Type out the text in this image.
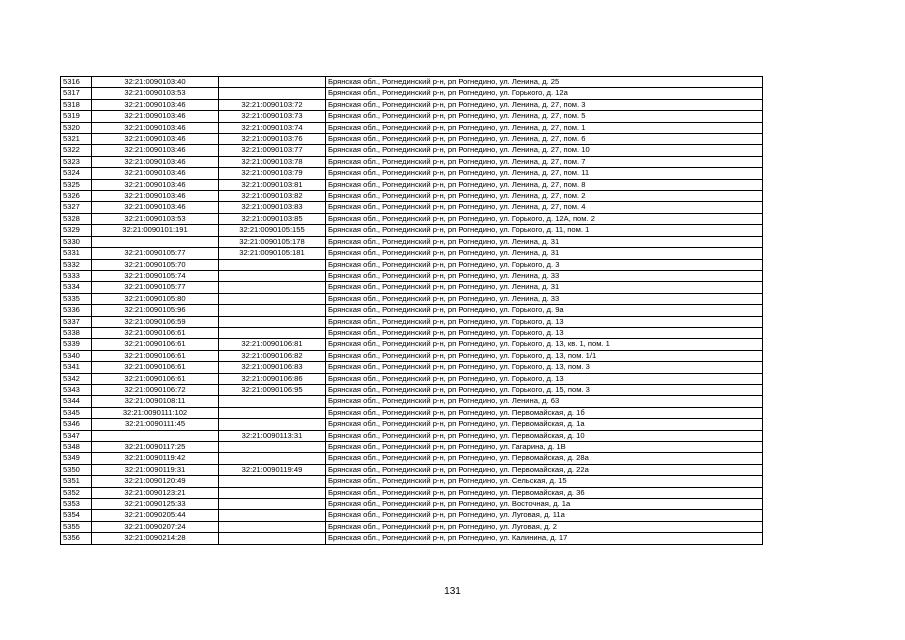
5316	32:21:0090103:40		Брянская обл., Рогнединский р-н, рп Рогнедино, ул. Ленина, д. 25
5317	32:21:0090103:53		Брянская обл., Рогнединский р-н, рп Рогнедино, ул. Горького, д. 12а
5318	32:21:0090103:46	32:21:0090103:72	Брянская обл., Рогнединский р-н, рп Рогнедино, ул. Ленина, д. 27, пом. 3
5319	32:21:0090103:46	32:21:0090103:73	Брянская обл., Рогнединский р-н, рп Рогнедино, ул. Ленина, д. 27, пом. 5
5320	32:21:0090103:46	32:21:0090103:74	Брянская обл., Рогнединский р-н, рп Рогнедино, ул. Ленина, д. 27, пом. 1
5321	32:21:0090103:46	32:21:0090103:76	Брянская обл., Рогнединский р-н, рп Рогнедино, ул. Ленина, д. 27, пом. 6
5322	32:21:0090103:46	32:21:0090103:77	Брянская обл., Рогнединский р-н, рп Рогнедино, ул. Ленина, д. 27, пом. 10
5323	32:21:0090103:46	32:21:0090103:78	Брянская обл., Рогнединский р-н, рп Рогнедино, ул. Ленина, д. 27, пом. 7
5324	32:21:0090103:46	32:21:0090103:79	Брянская обл., Рогнединский р-н, рп Рогнедино, ул. Ленина, д. 27, пом. 11
5325	32:21:0090103:46	32:21:0090103:81	Брянская обл., Рогнединский р-н, рп Рогнедино, ул. Ленина, д. 27, пом. 8
5326	32:21:0090103:46	32:21:0090103:82	Брянская обл., Рогнединский р-н, рп Рогнедино, ул. Ленина, д. 27, пом. 2
5327	32:21:0090103:46	32:21:0090103:83	Брянская обл., Рогнединский р-н, рп Рогнедино, ул. Ленина, д. 27, пом. 4
5328	32:21:0090103:53	32:21:0090103:85	Брянская обл., Рогнединский р-н, рп Рогнедино, ул. Горького, д. 12А, пом. 2
5329	32:21:0090101:191	32:21:0090105:155	Брянская обл., Рогнединский р-н, рп Рогнедино, ул. Горького, д. 11, пом. 1
5330		32:21:0090105:178	Брянская обл., Рогнединский р-н, рп Рогнедино, ул. Ленина, д. 31
5331	32:21:0090105:77	32:21:0090105:181	Брянская обл., Рогнединский р-н, рп Рогнедино, ул. Ленина, д. 31
5332	32:21:0090105:70		Брянская обл., Рогнединский р-н, рп Рогнедино, ул. Горького, д. 3
5333	32:21:0090105:74		Брянская обл., Рогнединский р-н, рп Рогнедино, ул. Ленина, д. 33
5334	32:21:0090105:77		Брянская обл., Рогнединский р-н, рп Рогнедино, ул. Ленина, д. 31
5335	32:21:0090105:80		Брянская обл., Рогнединский р-н, рп Рогнедино, ул. Ленина, д. 33
5336	32:21:0090105:96		Брянская обл., Рогнединский р-н, рп Рогнедино, ул. Горького, д. 9а
5337	32:21:0090106:59		Брянская обл., Рогнединский р-н, рп Рогнедино, ул. Горького, д. 13
5338	32:21:0090106:61		Брянская обл., Рогнединский р-н, рп Рогнедино, ул. Горького, д. 13
5339	32:21:0090106:61	32:21:0090106:81	Брянская обл., Рогнединский р-н, рп Рогнедино, ул. Горького, д. 13, кв. 1, пом. 1
5340	32:21:0090106:61	32:21:0090106:82	Брянская обл., Рогнединский р-н, рп Рогнедино, ул. Горького, д. 13, пом. 1/1
5341	32:21:0090106:61	32:21:0090106:83	Брянская обл., Рогнединский р-н, рп Рогнедино, ул. Горького, д. 13, пом. 3
5342	32:21:0090106:61	32:21:0090106:86	Брянская обл., Рогнединский р-н, рп Рогнедино, ул. Горького, д. 13
5343	32:21:0090106:72	32:21:0090106:95	Брянская обл., Рогнединский р-н, рп Рогнедино, ул. Горького, д. 15, пом. 3
5344	32:21:0090108:11		Брянская обл., Рогнединский р-н, рп Рогнедино, ул. Ленина, д. 63
5345	32:21:0090111:102		Брянская обл., Рогнединский р-н, рп Рогнедино, ул. Первомайская, д. 1б
5346	32:21:0090111:45		Брянская обл., Рогнединский р-н, рп Рогнедино, ул. Первомайская, д. 1а
5347		32:21:0090113:31	Брянская обл., Рогнединский р-н, рп Рогнедино, ул. Первомайская, д. 10
5348	32:21:0090117:25		Брянская обл., Рогнединский р-н, рп Рогнедино, ул. Гагарина, д. 1В
5349	32:21:0090119:42		Брянская обл., Рогнединский р-н, рп Рогнедино, ул. Первомайская, д. 28а
5350	32:21:0090119:31	32:21:0090119:49	Брянская обл., Рогнединский р-н, рп Рогнедино, ул. Первомайская, д. 22а
5351	32:21:0090120:49		Брянская обл., Рогнединский р-н, рп Рогнедино, ул. Сельская, д. 15
5352	32:21:0090123:21		Брянская обл., Рогнединский р-н, рп Рогнедино, ул. Первомайская, д. 36
5353	32:21:0090125:33		Брянская обл., Рогнединский р-н, рп Рогнедино, ул. Восточная, д. 1а
5354	32:21:0090205:44		Брянская обл., Рогнединский р-н, рп Рогнедино, ул. Луговая, д. 11а
5355	32:21:0090207:24		Брянская обл., Рогнединский р-н, рп Рогнедино, ул. Луговая, д. 2
5356	32:21:0090214:28		Брянская обл., Рогнединский р-н, рп Рогнедино, ул. Калинина, д. 17
131
